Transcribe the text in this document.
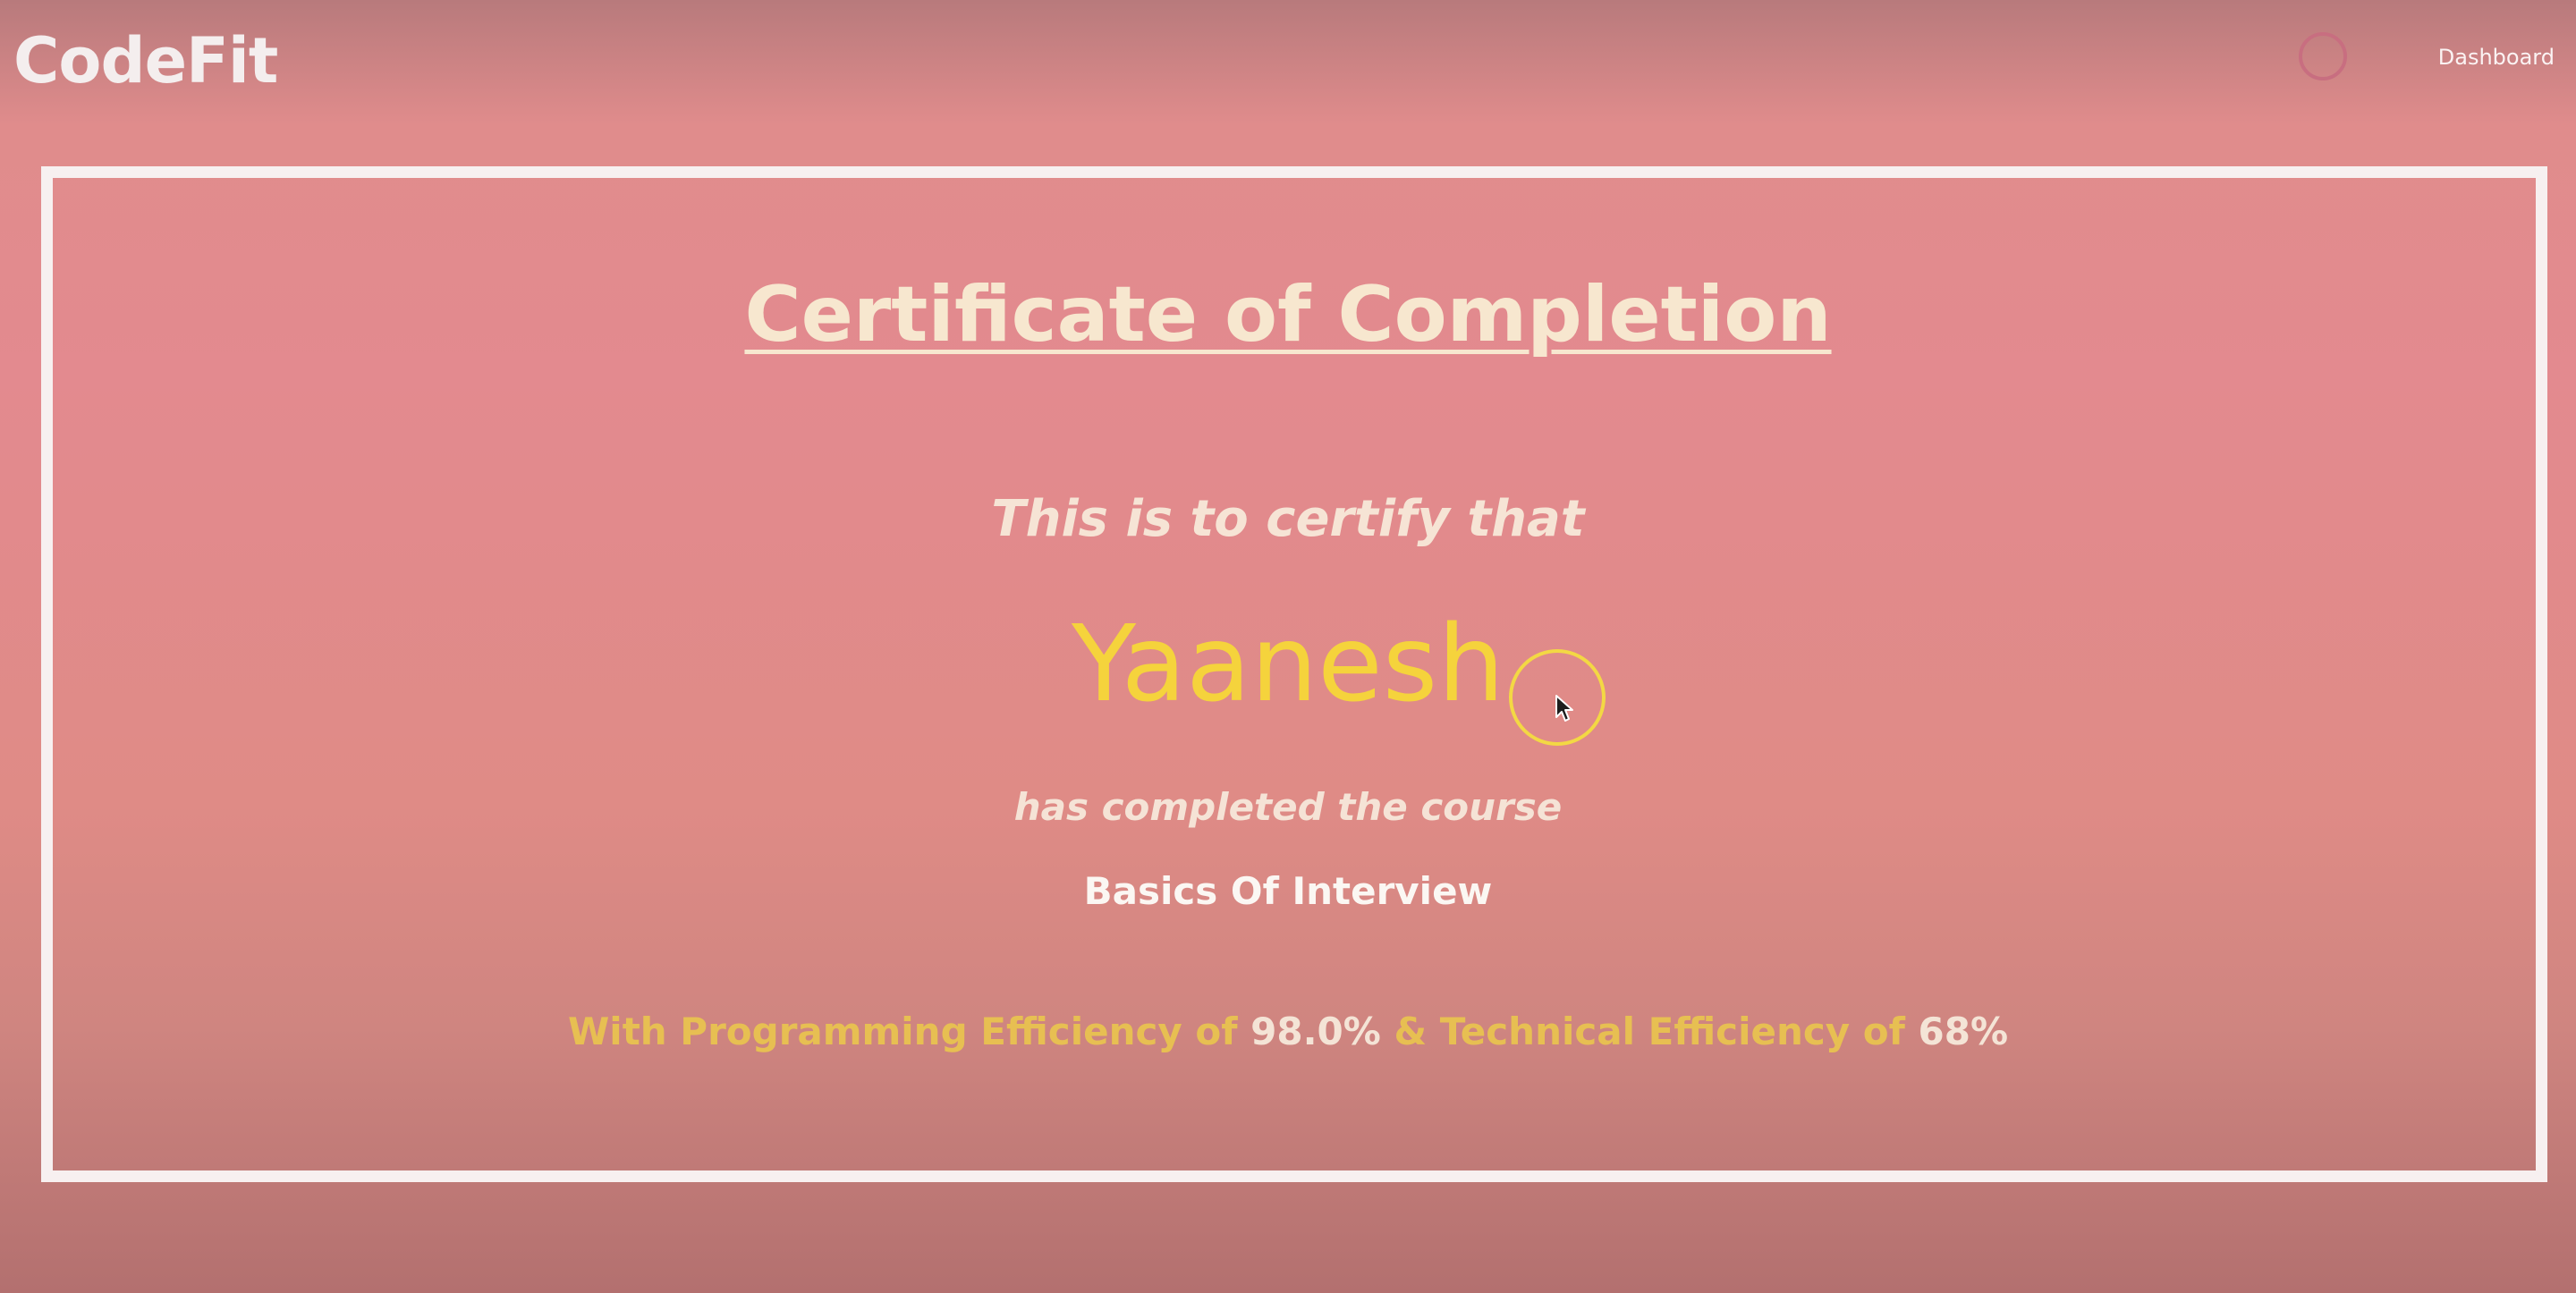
CodeFit	Dashboard
Certificate of Completion
This is to certify that
Yaanesh
has completed the course
Basics Of Interview
With Programming Efficiency of 98.0% & Technical Efficiency of 68%
